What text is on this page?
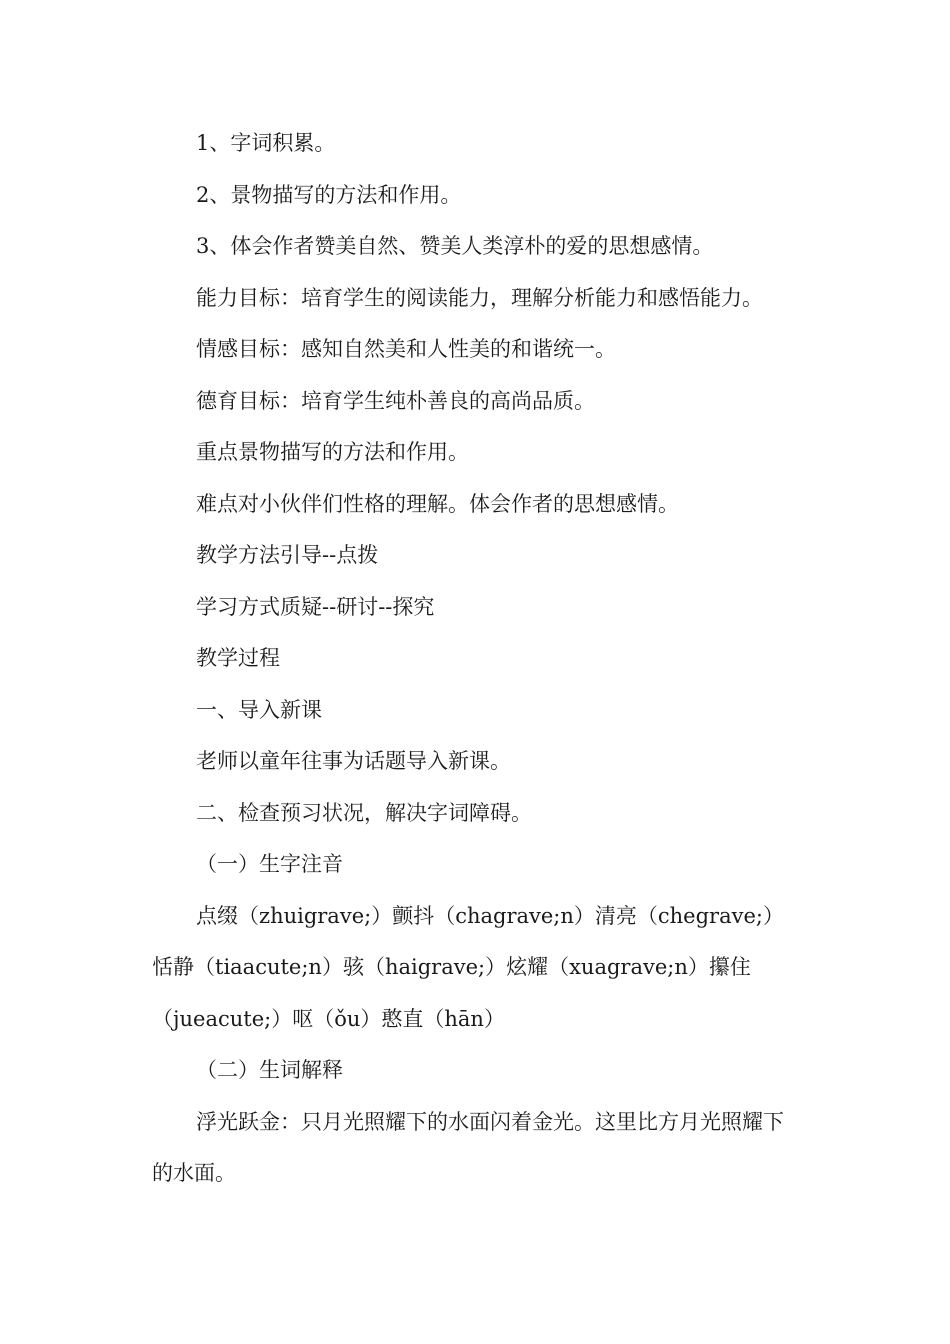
1、字词积累。

2、景物描写的方法和作用。

3、体会作者赞美自然、赞美人类淳朴的爱的思想感情。

能力目标：培育学生的阅读能力，理解分析能力和感悟能力。

情感目标：感知自然美和人性美的和谐统一。

德育目标：培育学生纯朴善良的高尚品质。

重点景物描写的方法和作用。

难点对小伙伴们性格的理解。体会作者的思想感情。

教学方法引导--点拨

学习方式质疑--研讨--探究

教学过程

一、导入新课

老师以童年往事为话题导入新课。

二、检查预习状况，解决字词障碍。

（一）生字注音

点缀（zhuigrave;）颤抖（chagrave;n）清亮（chegrave;）恬静（tiaacute;n）骇（haigrave;）炫耀（xuagrave;n）攥住（jueacute;）呕（ǒu）憨直（hān）

（二）生词解释

浮光跃金：只月光照耀下的水面闪着金光。这里比方月光照耀下的水面。
